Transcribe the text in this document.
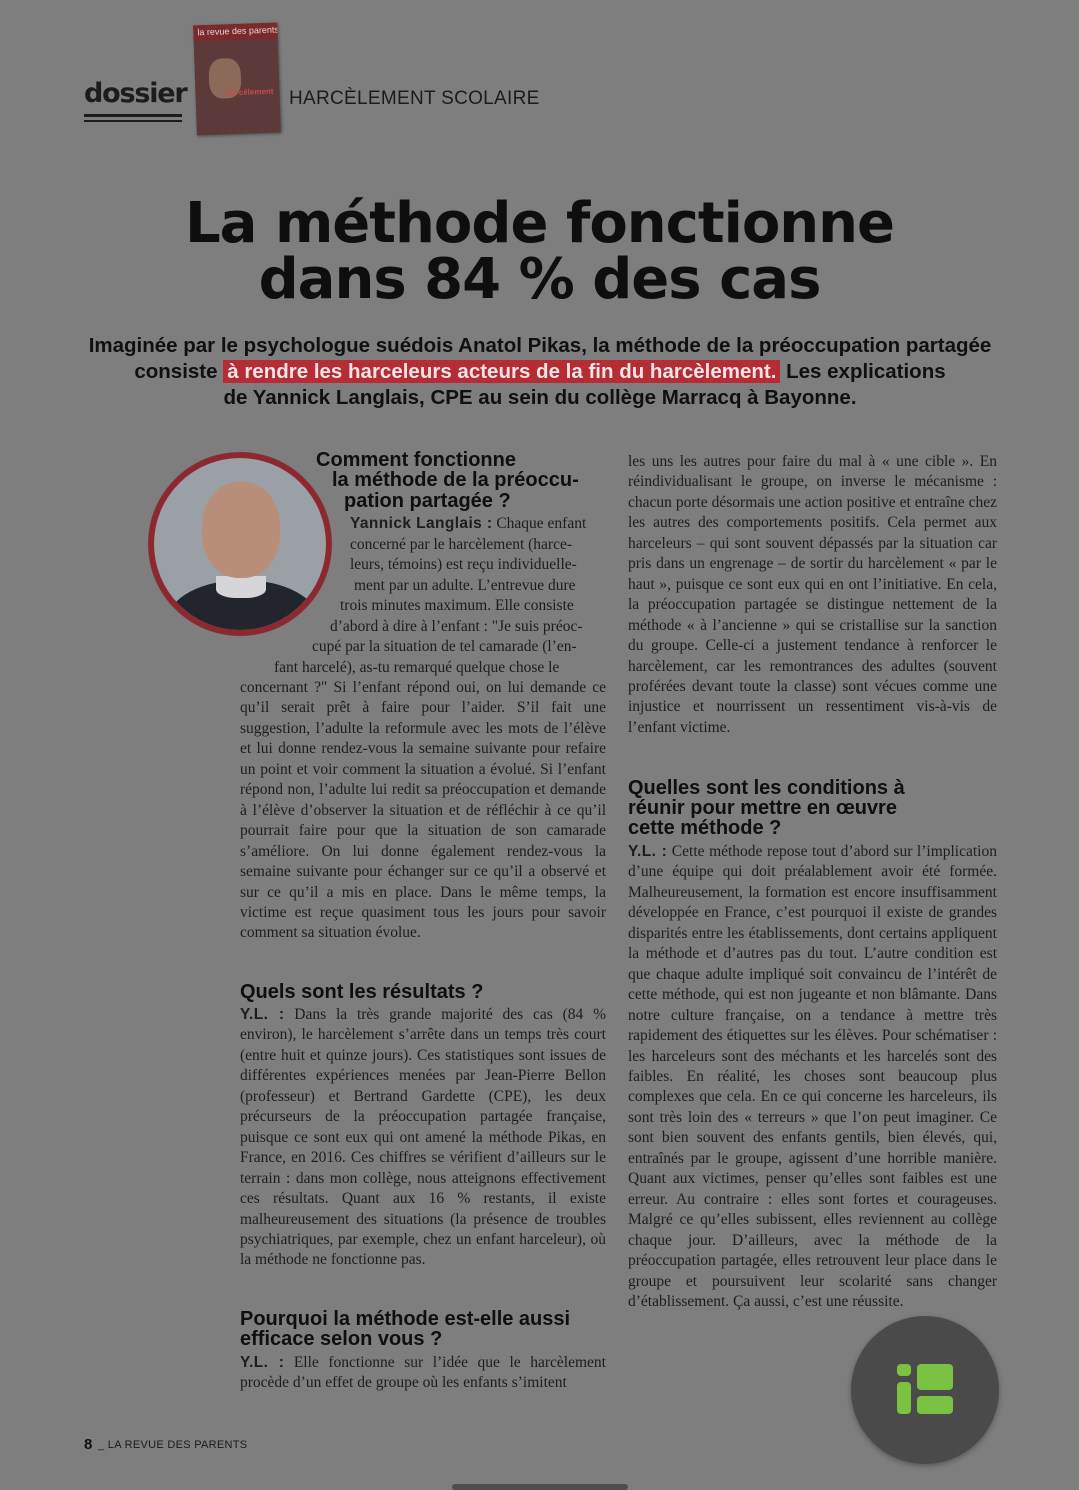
dossier
la revue des parents
Harcèlement HARCÈLEMENT SCOLAIRE
La méthode fonctionne
dans 84 % des cas
Imaginée par le psychologue suédois Anatol Pikas, la méthode de la préoccupation partagée
consiste à rendre les harceleurs acteurs de la fin du harcèlement. Les explications
de Yannick Langlais, CPE au sein du collège Marracq à Bayonne.
Comment fonctionne
la méthode de la préoccu-
pation partagée ?
Yannick Langlais : Chaque enfant
concerné par le harcèlement (harce-
leurs, témoins) est reçu individuelle-
ment par un adulte. L’entrevue dure
trois minutes maximum. Elle consiste
d’abord à dire à l’enfant : "Je suis préoc-
cupé par la situation de tel camarade (l’en-
fant harcelé), as-tu remarqué quelque chose le
concernant ?" Si l’enfant répond oui, on lui demande ce qu’il serait prêt à faire pour l’aider. S’il fait une suggestion, l’adulte la reformule avec les mots de l’élève et lui donne rendez-vous la semaine suivante pour refaire un point et voir comment la situation a évolué. Si l’enfant répond non, l’adulte lui redit sa préoccupation et demande à l’élève d’observer la situation et de réfléchir à ce qu’il pourrait faire pour que la situation de son camarade s’améliore. On lui donne également rendez-vous la semaine suivante pour échanger sur ce qu’il a observé et sur ce qu’il a mis en place. Dans le même temps, la victime est reçue quasiment tous les jours pour savoir comment sa situation évolue.
Quels sont les résultats ?
Y.L. : Dans la très grande majorité des cas (84 % environ), le harcèlement s’arrête dans un temps très court (entre huit et quinze jours). Ces statistiques sont issues de différentes expériences menées par Jean-Pierre Bellon (professeur) et Bertrand Gardette (CPE), les deux précurseurs de la préoccupation partagée française, puisque ce sont eux qui ont amené la méthode Pikas, en France, en 2016. Ces chiffres se vérifient d’ailleurs sur le terrain : dans mon collège, nous atteignons effectivement ces résultats. Quant aux 16 % restants, il existe malheureusement des situations (la présence de troubles psychiatriques, par exemple, chez un enfant harceleur), où la méthode ne fonctionne pas.
Pourquoi la méthode est-elle aussi efficace selon vous ?
Y.L. : Elle fonctionne sur l’idée que le harcèlement procède d’un effet de groupe où les enfants s’imitent
les uns les autres pour faire du mal à « une cible ». En réindividualisant le groupe, on inverse le mécanisme : chacun porte désormais une action positive et entraîne chez les autres des comportements positifs. Cela permet aux harceleurs – qui sont souvent dépassés par la situation car pris dans un engrenage – de sortir du harcèlement « par le haut », puisque ce sont eux qui en ont l’initiative. En cela, la préoccupation partagée se distingue nettement de la méthode « à l’ancienne » qui se cristallise sur la sanction du groupe. Celle-ci a justement tendance à renforcer le harcèlement, car les remontrances des adultes (souvent proférées devant toute la classe) sont vécues comme une injustice et nourrissent un ressentiment vis-à-vis de l’enfant victime.
Quelles sont les conditions à réunir pour mettre en œuvre cette méthode ?
Y.L. : Cette méthode repose tout d’abord sur l’implication d’une équipe qui doit préalablement avoir été formée. Malheureusement, la formation est encore insuffisamment développée en France, c’est pourquoi il existe de grandes disparités entre les établissements, dont certains appliquent la méthode et d’autres pas du tout. L’autre condition est que chaque adulte impliqué soit convaincu de l’intérêt de cette méthode, qui est non jugeante et non blâmante. Dans notre culture française, on a tendance à mettre très rapidement des étiquettes sur les élèves. Pour schématiser : les harceleurs sont des méchants et les harcelés sont des faibles. En réalité, les choses sont beaucoup plus complexes que cela. En ce qui concerne les harceleurs, ils sont très loin des « terreurs » que l’on peut imaginer. Ce sont bien souvent des enfants gentils, bien élevés, qui, entraînés par le groupe, agissent d’une horrible manière. Quant aux victimes, penser qu’elles sont faibles est une erreur. Au contraire : elles sont fortes et courageuses. Malgré ce qu’elles subissent, elles reviennent au collège chaque jour. D’ailleurs, avec la méthode de la préoccupation partagée, elles retrouvent leur place dans le groupe et poursuivent leur scolarité sans changer d’établissement. Ça aussi, c’est une réussite.
8 _ LA REVUE DES PARENTS
